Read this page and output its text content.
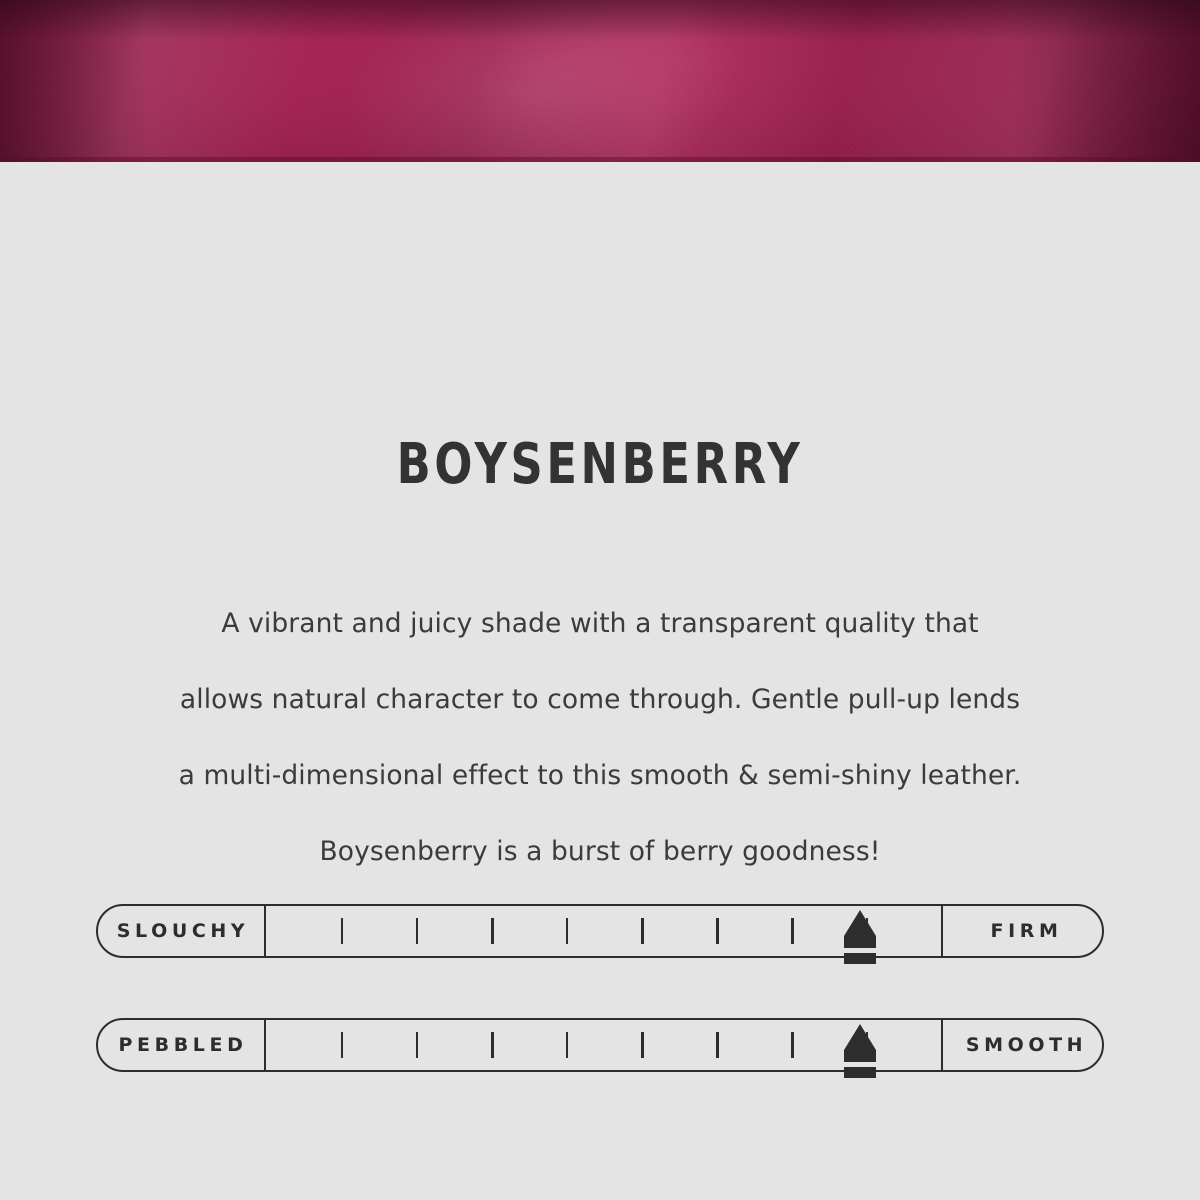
BOYSENBERRY
A vibrant and juicy shade with a transparent quality that
allows natural character to come through. Gentle pull-up lends
a multi-dimensional effect to this smooth & semi-shiny leather.
Boysenberry is a burst of berry goodness!
SLOUCHY	FIRM
PEBBLED	SMOOTH
